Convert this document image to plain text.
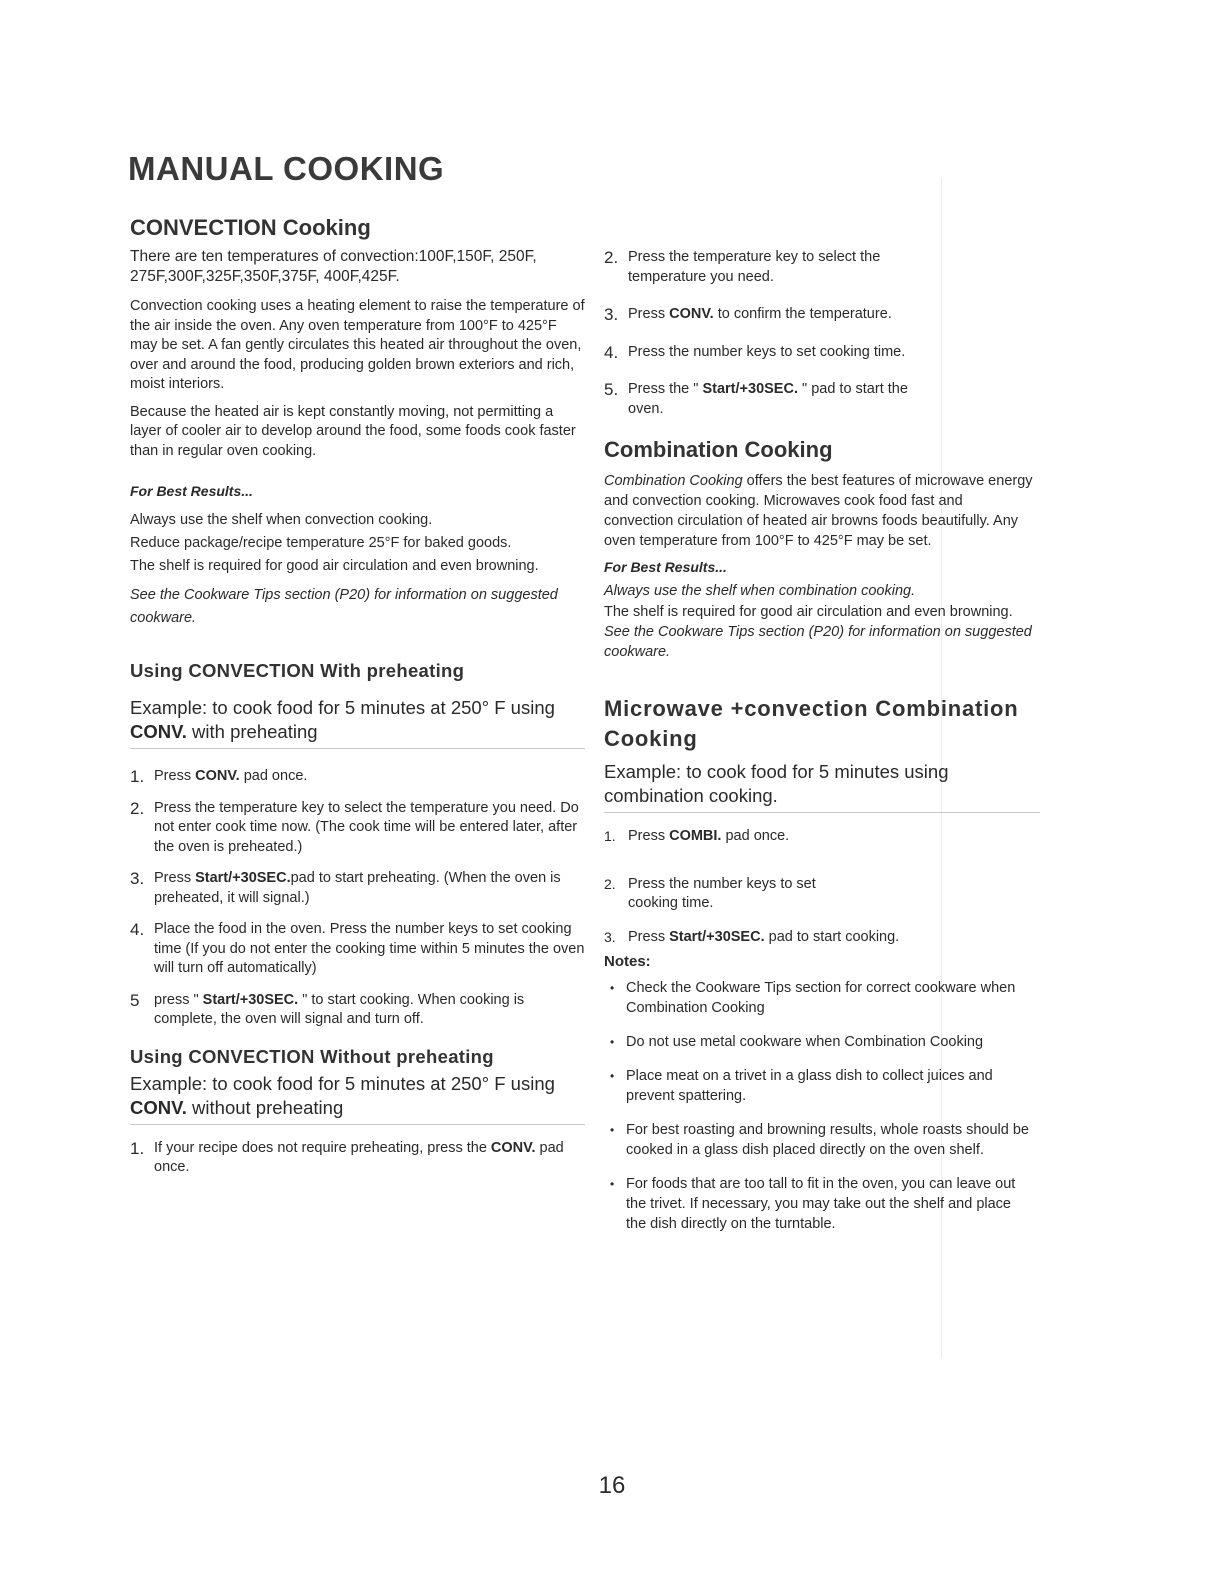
MANUAL COOKING
CONVECTION Cooking

There are ten temperatures of convection:100F,150F, 250F, 275F,300F,325F,350F,375F, 400F,425F.

Convection cooking uses a heating element to raise the temperature of the air inside the oven. Any oven temperature from 100°F to 425°F may be set. A fan gently circulates this heated air throughout the oven, over and around the food, producing golden brown exteriors and rich, moist interiors.

Because the heated air is kept constantly moving, not permitting a layer of cooler air to develop around the food, some foods cook faster than in regular oven cooking.

For Best Results...

Always use the shelf when convection cooking.

Reduce package/recipe temperature 25°F for baked goods.

The shelf is required for good air circulation and even browning.

See the Cookware Tips section (P20) for information on suggested cookware.

Using CONVECTION With preheating

Example: to cook food for 5 minutes at 250° F using CONV. with preheating

1. Press CONV. pad once.
2. Press the temperature key to select the temperature you need. Do not enter cook time now. (The cook time will be entered later, after the oven is preheated.)
3. Press Start/+30SEC.pad to start preheating. (When the oven is preheated, it will signal.)
4. Place the food in the oven. Press the number keys to set cooking time (If you do not enter the cooking time within 5 minutes the oven will turn off automatically)
5 press " Start/+30SEC. " to start cooking. When cooking is complete, the oven will signal and turn off.
Using CONVECTION Without preheating

Example: to cook food for 5 minutes at 250° F using CONV. without preheating

1. If your recipe does not require preheating, press the CONV. pad once.
2. Press the temperature key to select the temperature you need.
3. Press CONV. to confirm the temperature.
4. Press the number keys to set cooking time.
5. Press the " Start/+30SEC. " pad to start the oven.
Combination Cooking

Combination Cooking offers the best features of microwave energy and convection cooking. Microwaves cook food fast and convection circulation of heated air browns foods beautifully. Any oven temperature from 100°F to 425°F may be set.

For Best Results...

Always use the shelf when combination cooking.

The shelf is required for good air circulation and even browning.

See the Cookware Tips section (P20) for information on suggested cookware.

Microwave +convection Combination
Cooking

Example: to cook food for 5 minutes using combination cooking.

1. Press COMBI. pad once.
2. Press the number keys to set cooking time.
3. Press Start/+30SEC. pad to start cooking.

Notes:

• Check the Cookware Tips section for correct cookware when Combination Cooking
• Do not use metal cookware when Combination Cooking
• Place meat on a trivet in a glass dish to collect juices and prevent spattering.
• For best roasting and browning results, whole roasts should be cooked in a glass dish placed directly on the oven shelf.
• For foods that are too tall to fit in the oven, you can leave out the trivet. If necessary, you may take out the shelf and place the dish directly on the turntable.
16
